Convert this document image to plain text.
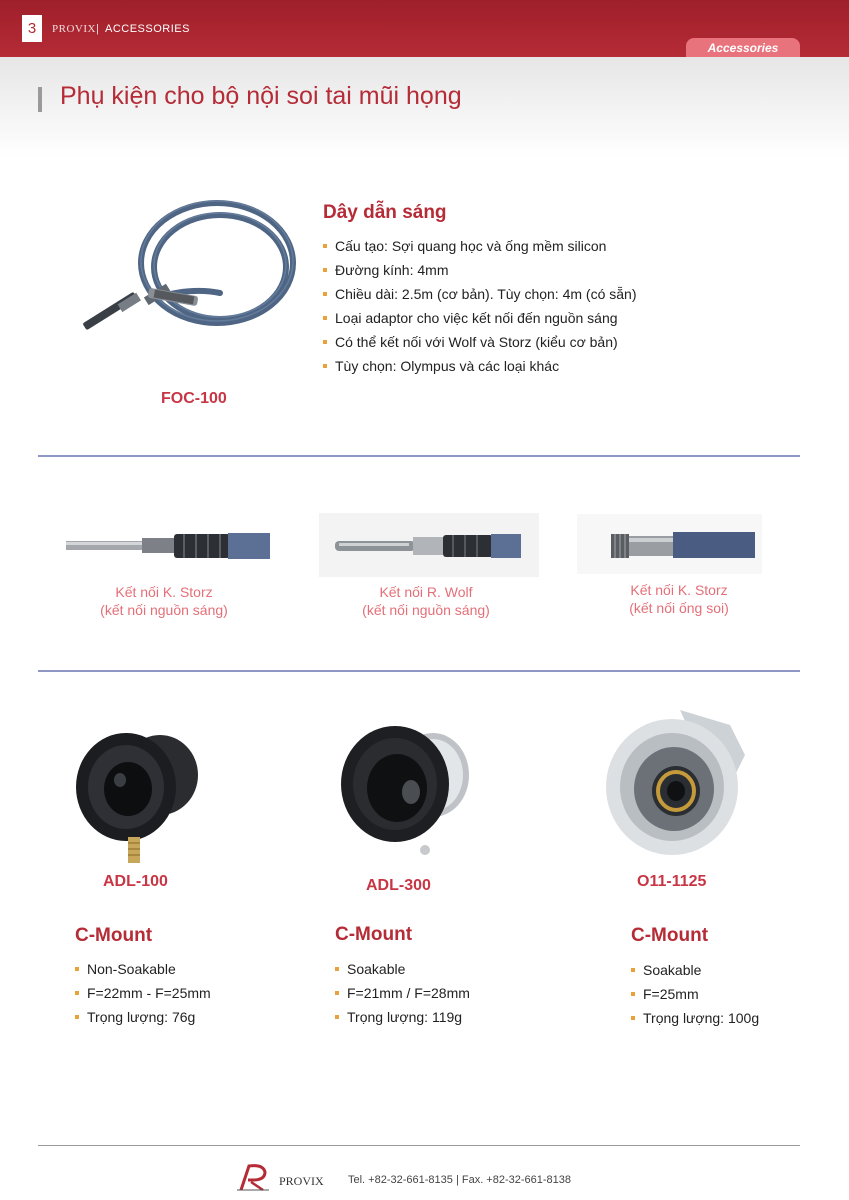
3	PROVIX | ACCESSORIES
Accessories
Phụ kiện cho bộ nội soi tai mũi họng
FOC-100
Dây dẫn sáng
Cấu tạo: Sợi quang học và ống mềm silicon
Đường kính: 4mm
Chiều dài: 2.5m (cơ bản). Tùy chọn: 4m (có sẵn)
Loại adaptor cho việc kết nối đến nguồn sáng
Có thể kết nối với Wolf và Storz (kiểu cơ bản)
Tùy chọn: Olympus và các loại khác
Kết nối K. Storz
(kết nối nguồn sáng)
Kết nối R. Wolf
(kết nối nguồn sáng)
Kết nối K. Storz
(kết nối ống soi)
ADL-100	ADL-300	O11-1125
C-Mount
Non-Soakable
F=22mm - F=25mm
Trọng lượng: 76g
C-Mount
Soakable
F=21mm / F=28mm
Trọng lượng: 119g
C-Mount
Soakable
F=25mm
Trọng lượng: 100g
PROVIX Tel. +82-32-661-8135 | Fax. +82-32-661-8138
